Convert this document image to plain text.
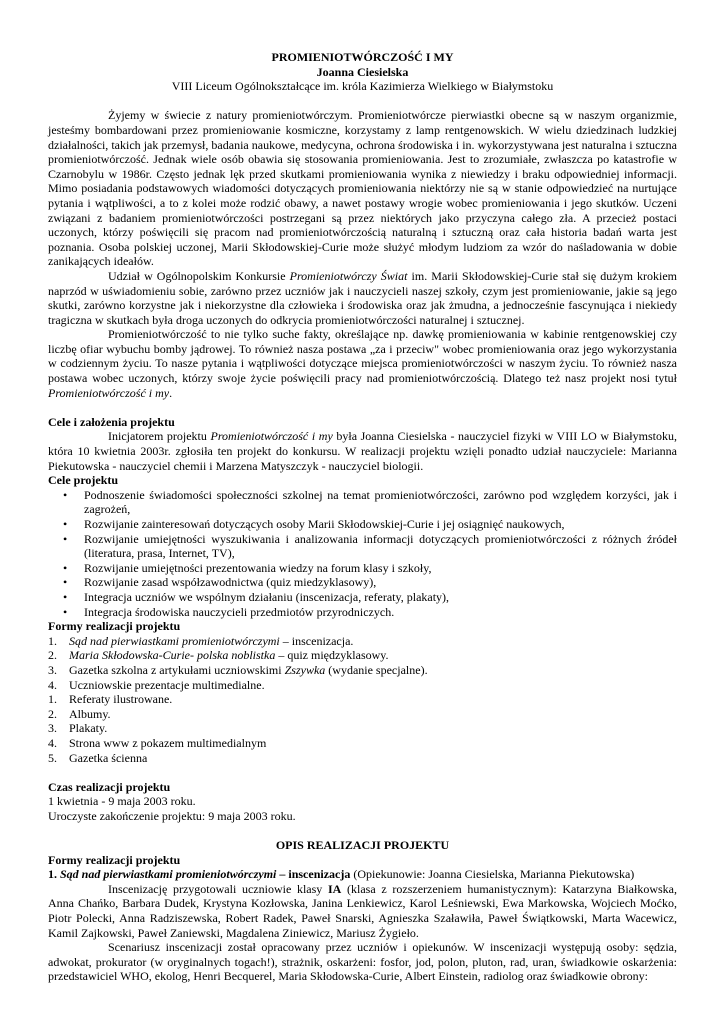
PROMIENIOTWÓRCZOŚĆ I MY
Joanna Ciesielska
VIII Liceum Ogólnokształcące im. króla Kazimierza Wielkiego w Białymstoku

Żyjemy w świecie z natury promieniotwórczym. Promieniotwórcze pierwiastki obecne są w naszym organizmie, jesteśmy bombardowani przez promieniowanie kosmiczne, korzystamy z lamp rentgenowskich. W wielu dziedzinach ludzkiej działalności, takich jak przemysł, badania naukowe, medycyna, ochrona środowiska i in. wykorzystywana jest naturalna i sztuczna promieniotwórczość. Jednak wiele osób obawia się stosowania promieniowania. Jest to zrozumiałe, zwłaszcza po katastrofie w Czarnobylu w 1986r. Często jednak lęk przed skutkami promieniowania wynika z niewiedzy i braku odpowiedniej informacji. Mimo posiadania podstawowych wiadomości dotyczących promieniowania niektórzy nie są w stanie odpowiedzieć na nurtujące pytania i wątpliwości, a to z kolei może rodzić obawy, a nawet postawy wrogie wobec promieniowania i jego skutków. Uczeni związani z badaniem promieniotwórczości postrzegani są przez niektórych jako przyczyna całego zła. A przecież postaci uczonych, którzy poświęcili się pracom nad promieniotwórczością naturalną i sztuczną oraz cała historia badań warta jest poznania. Osoba polskiej uczonej, Marii Skłodowskiej-Curie może służyć młodym ludziom za wzór do naśladowania w dobie zanikających ideałów.

Udział w Ogólnopolskim Konkursie Promieniotwórczy Świat im. Marii Skłodowskiej-Curie stał się dużym krokiem naprzód w uświadomieniu sobie, zarówno przez uczniów jak i nauczycieli naszej szkoły, czym jest promieniowanie, jakie są jego skutki, zarówno korzystne jak i niekorzystne dla człowieka i środowiska oraz jak żmudna, a jednocześnie fascynująca i niekiedy tragiczna w skutkach była droga uczonych do odkrycia promieniotwórczości naturalnej i sztucznej.

Promieniotwórczość to nie tylko suche fakty, określające np. dawkę promieniowania w kabinie rentgenowskiej czy liczbę ofiar wybuchu bomby jądrowej. To również nasza postawa „za i przeciw" wobec promieniowania oraz jego wykorzystania w codziennym życiu. To nasze pytania i wątpliwości dotyczące miejsca promieniotwórczości w naszym życiu. To również nasza postawa wobec uczonych, którzy swoje życie poświęcili pracy nad promieniotwórczością. Dlatego też nasz projekt nosi tytuł Promieniotwórczość i my.

Cele i założenia projektu

Inicjatorem projektu Promieniotwórczość i my była Joanna Ciesielska - nauczyciel fizyki w VIII LO w Białymstoku, która 10 kwietnia 2003r. zgłosiła ten projekt do konkursu. W realizacji projektu wzięli ponadto udział nauczyciele: Marianna Piekutowska - nauczyciel chemii i Marzena Matyszczyk - nauczyciel biologii.

Cele projektu
• Podnoszenie świadomości społeczności szkolnej na temat promieniotwórczości, zarówno pod względem korzyści, jak i zagrożeń,
• Rozwijanie zainteresowań dotyczących osoby Marii Skłodowskiej-Curie i jej osiągnięć naukowych,
• Rozwijanie umiejętności wyszukiwania i analizowania informacji dotyczących promieniotwórczości z różnych źródeł (literatura, prasa, Internet, TV),
• Rozwijanie umiejętności prezentowania wiedzy na forum klasy i szkoły,
• Rozwijanie zasad współzawodnictwa (quiz miedzyklasowy),
• Integracja uczniów we wspólnym działaniu (inscenizacja, referaty, plakaty),
• Integracja środowiska nauczycieli przedmiotów przyrodniczych.
Formy realizacji projektu
1. Sąd nad pierwiastkami promieniotwórczymi – inscenizacja.
2. Maria Skłodowska-Curie- polska noblistka – quiz międzyklasowy.
3. Gazetka szkolna z artykułami uczniowskimi Zszywka (wydanie specjalne).
4. Uczniowskie prezentacje multimedialne.
1. Referaty ilustrowane.
2. Albumy.
3. Plakaty.
4. Strona www z pokazem multimedialnym
5. Gazetka ścienna
Czas realizacji projektu
1 kwietnia - 9 maja 2003 roku.
Uroczyste zakończenie projektu: 9 maja 2003 roku.
OPIS REALIZACJI PROJEKTU
Formy realizacji projektu
1. Sąd nad pierwiastkami promieniotwórczymi – inscenizacja (Opiekunowie: Joanna Ciesielska, Marianna Piekutowska)

Inscenizację przygotowali uczniowie klasy IA (klasa z rozszerzeniem humanistycznym): Katarzyna Białkowska, Anna Chańko, Barbara Dudek, Krystyna Kozłowska, Janina Lenkiewicz, Karol Leśniewski, Ewa Markowska, Wojciech Moćko, Piotr Polecki, Anna Radziszewska, Robert Radek, Paweł Snarski, Agnieszka Szaławiła, Paweł Świątkowski, Marta Wacewicz, Kamil Zajkowski, Paweł Zaniewski, Magdalena Ziniewicz, Mariusz Żygieło.

Scenariusz inscenizacji został opracowany przez uczniów i opiekunów. W inscenizacji występują osoby: sędzia, adwokat, prokurator (w oryginalnych togach!), strażnik, oskarżeni: fosfor, jod, polon, pluton, rad, uran, świadkowie oskarżenia: przedstawiciel WHO, ekolog, Henri Becquerel, Maria Skłodowska-Curie, Albert Einstein, radiolog oraz świadkowie obrony:
